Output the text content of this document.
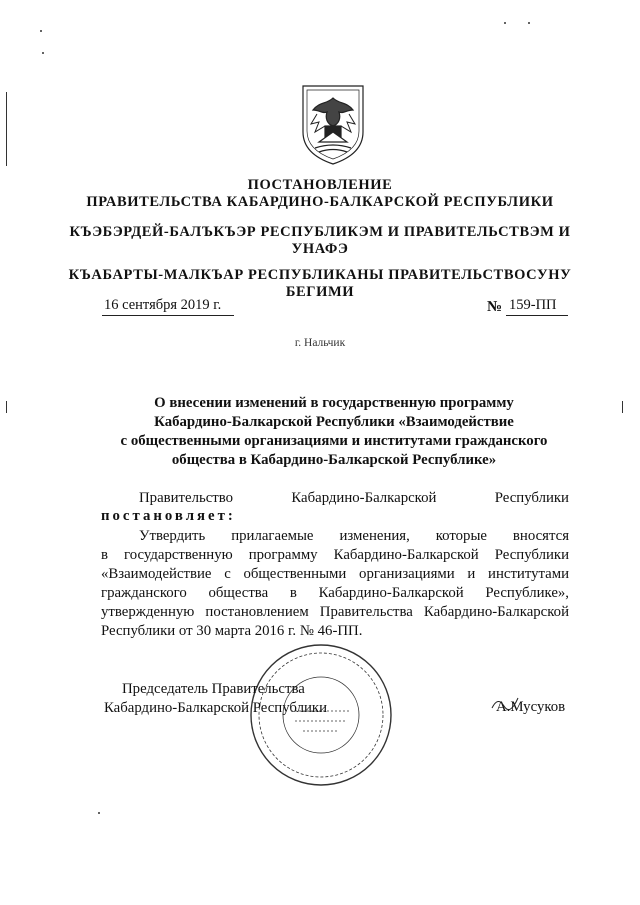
ПОСТАНОВЛЕНИЕ
ПРАВИТЕЛЬСТВА КАБАРДИНО-БАЛКАРСКОЙ РЕСПУБЛИКИ
КЪЭБЭРДЕЙ-БАЛЪКЪЭР РЕСПУБЛИКЭМ И ПРАВИТЕЛЬСТВЭМ И
УНАФЭ
КЪАБАРТЫ-МАЛКЪАР РЕСПУБЛИКАНЫ ПРАВИТЕЛЬСТВОСУНУ
БЕГИМИ
16 сентября 2019 г.	№ 159-ПП
г. Нальчик
О внесении изменений в государственную программу
Кабардино-Балкарской Республики «Взаимодействие
с общественными организациями и институтами гражданского
общества в Кабардино-Балкарской Республике»
Правительство	Кабардино-Балкарской	Республики
постановляет:
Утвердить прилагаемые изменения, которые вносятся
в государственную программу Кабардино-Балкарской Республики
«Взаимодействие с общественными организациями и институтами
гражданского общества в Кабардино-Балкарской Республике»,
утвержденную постановлением Правительства Кабардино-Балкарской
Республики от 30 марта 2016 г. № 46-ПП.
Председатель Правительства
Кабардино-Балкарской Республики	А.Мусуков
